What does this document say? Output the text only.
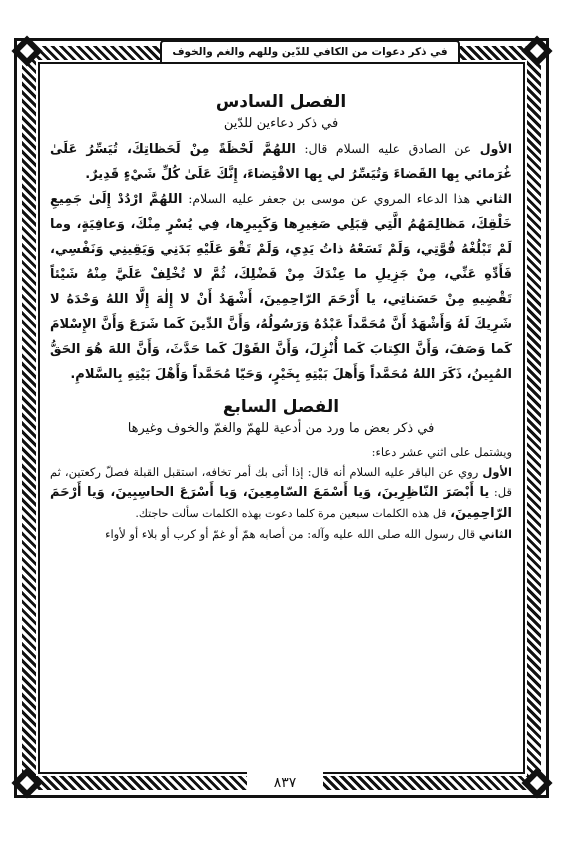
في ذكر دعوات من الكافي للدّين وللهم والغم والخوف
الفصل السادس
في ذكر دعاءين للدّين

الأول عن الصادق عليه السلام قال: اللهُمَّ لَحْظَةً مِنْ لَحَظاتِكَ، تُيَسِّرُ عَلَىٰ غُرَمائي بِها القَضاءَ وَتُيَسِّرُ لي بِها الاقْتِضاءَ، إِنَّكَ عَلَىٰ كُلِّ شَيْءٍ قَدِيرٌ.

الثاني هذا الدعاء المروي عن موسى بن جعفر عليه السلام: اللهُمَّ ارْدُدْ إِلَىٰ جَمِيعِ خَلْقِكَ، مَظالِمَهُمُ الَّتِي قِبَلِي صَغِيرِها وَكَبِيرِها، فِي يُسْرٍ مِنْكَ، وَعافِيَةٍ، وما لَمْ تَبْلُغْهُ قُوَّتِي، وَلَمْ تَسَعْهُ ذاتُ يَدِي، وَلَمْ تَقْوَ عَلَيْهِ بَدَنِي وَيَقِينِي وَنَفْسِي، فَأَدِّهِ عَنِّي، مِنْ جَزِيلِ ما عِنْدَكَ مِنْ فَضْلِكَ، ثُمَّ لا تُخْلِفْ عَلَيَّ مِنْهُ شَيْئاً تَقْضِيهِ مِنْ حَسَناتِي، يا أَرْحَمَ الرّاحِمِينَ، أَشْهَدُ أَنْ لا إِلٰهَ إِلَّا اللهُ وَحْدَهُ لا شَرِيكَ لَهُ وَأَشْهَدُ أَنَّ مُحَمَّداً عَبْدُهُ وَرَسُولُهُ، وَأَنَّ الدِّينَ كَما شَرَعَ وَأَنَّ الإِسْلامَ كَما وَصَفَ، وَأَنَّ الكِتابَ كَما أُنْزِلَ، وَأَنَّ القَوْلَ كَما حَدَّثَ، وَأَنَّ اللهَ هُوَ الحَقُّ المُبِينُ، ذَكَرَ اللهُ مُحَمَّداً وَأَهلَ بَيْتِهِ بِخَيْرٍ، وَحَيّا مُحَمَّداً وَأَهْلَ بَيْتِهِ بِالسَّلامِ.

الفصل السابع
في ذكر بعض ما ورد من أدعية للهمّ والغمّ والخوف وغيرها

ويشتمل على اثني عشر دعاء:

الأول روي عن الباقر عليه السلام أنه قال: إذا أتى بك أمر تخافه، استقبل القبلة فصلّ ركعتين، ثم قل: يا أَبْصَرَ النّاظِرِينَ، وَيا أَسْمَعَ السّامِعِينَ، وَيا أَسْرَعَ الحاسِبِينَ، وَيا أَرْحَمَ الرّاحِمِينَ، قل هذه الكلمات سبعين مرة كلما دعوت بهذه الكلمات سألت حاجتك.

الثاني قال رسول الله صلى الله عليه وآله: من أصابه همّ أو غمّ أو كرب أو بلاء أو لأواء

٨٣٧
